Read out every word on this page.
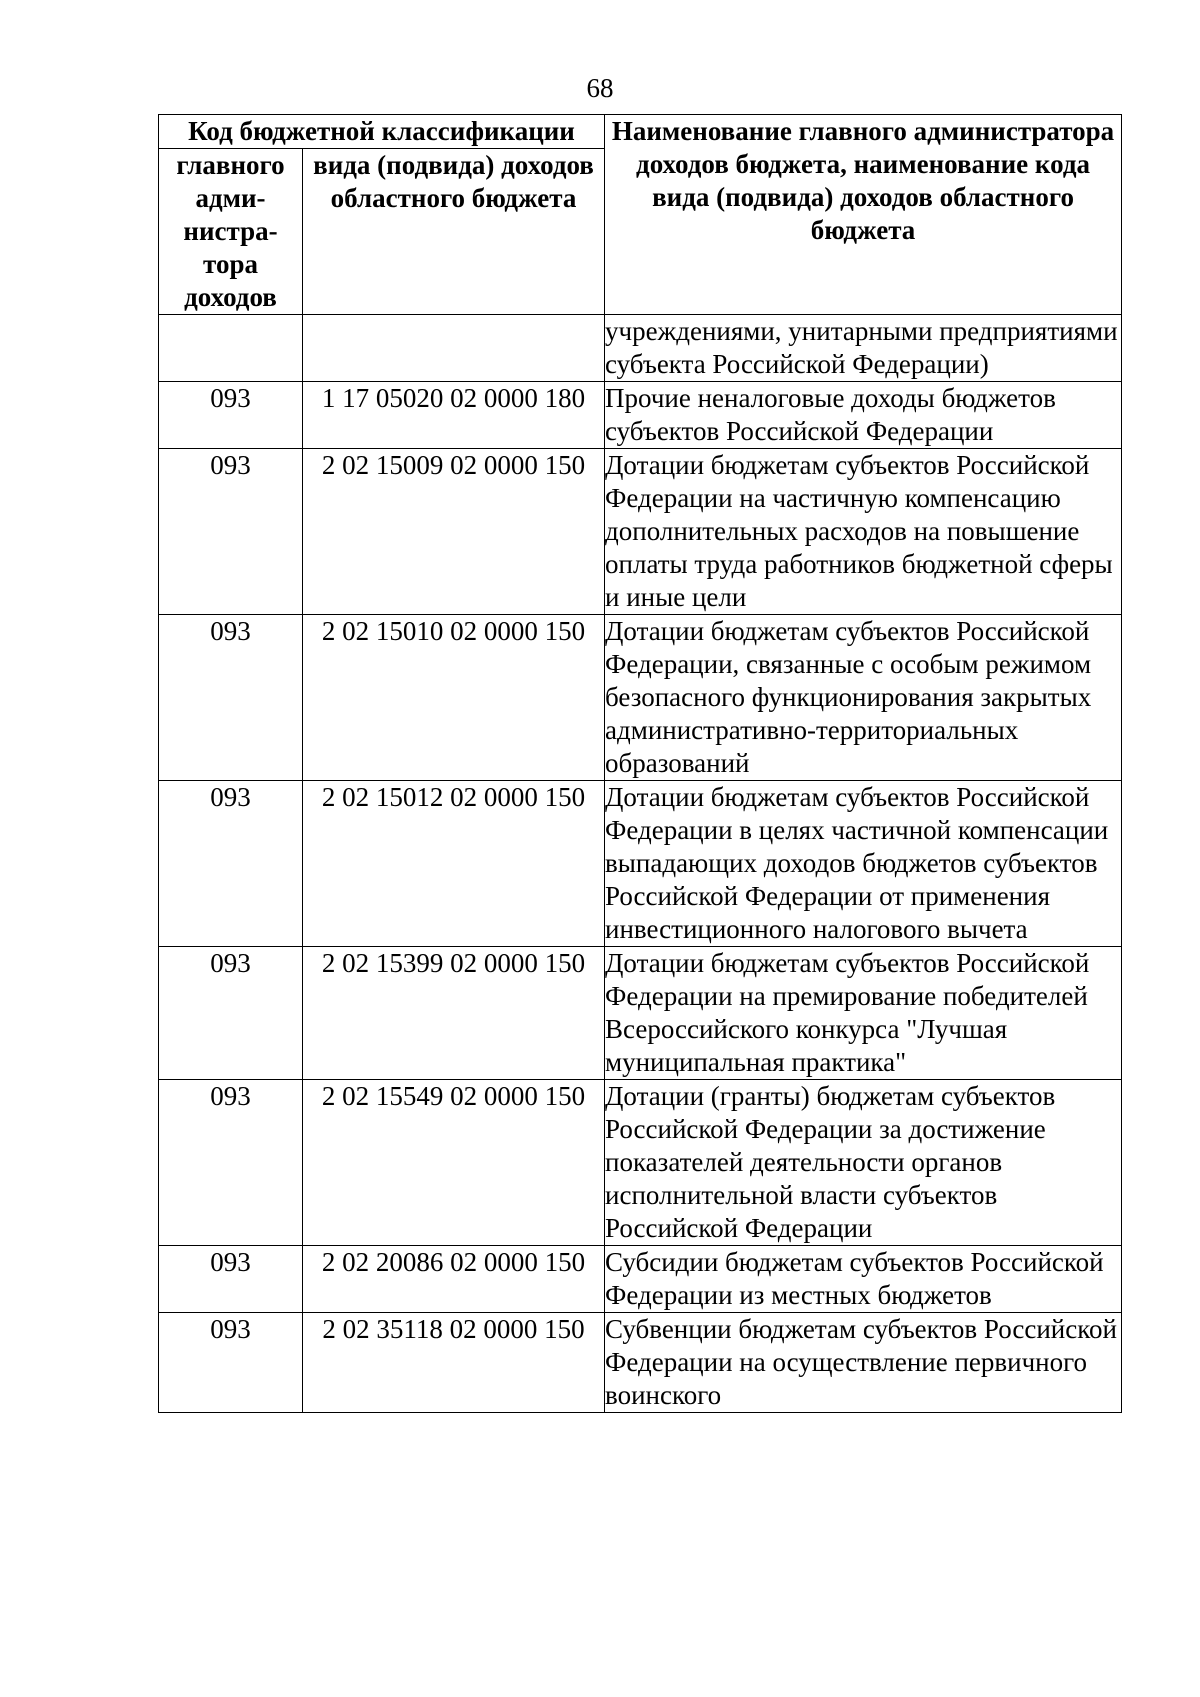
68
Код бюджетной классификации		Наименование главного администратора доходов бюджета, наименование кода вида (подвида) доходов областного бюджета
главного
адми-
нистра-
тора
доходов	вида (подвида) доходов областного бюджета	
		учреждениями, унитарными предприятиями субъекта Российской Федерации)
093	1 17 05020 02 0000 180	Прочие неналоговые доходы бюджетов субъектов Российской Федерации
093	2 02 15009 02 0000 150	Дотации бюджетам субъектов Российской Федерации на частичную компенсацию дополнительных расходов на повышение оплаты труда работников бюджетной сферы и иные цели
093	2 02 15010 02 0000 150	Дотации бюджетам субъектов Российской Федерации, связанные с особым режимом безопасного функционирования закрытых административно-территориальных образований
093	2 02 15012 02 0000 150	Дотации бюджетам субъектов Российской Федерации в целях частичной компенсации выпадающих доходов бюджетов субъектов Российской Федерации от применения инвестиционного налогового вычета
093	2 02 15399 02 0000 150	Дотации бюджетам субъектов Российской Федерации на премирование победителей Всероссийского конкурса "Лучшая муниципальная практика"
093	2 02 15549 02 0000 150	Дотации (гранты) бюджетам субъектов Российской Федерации за достижение показателей деятельности органов исполнительной власти субъектов Российской Федерации
093	2 02 20086 02 0000 150	Субсидии бюджетам субъектов Российской Федерации из местных бюджетов
093	2 02 35118 02 0000 150	Субвенции бюджетам субъектов Российской Федерации на осуществление первичного воинского
